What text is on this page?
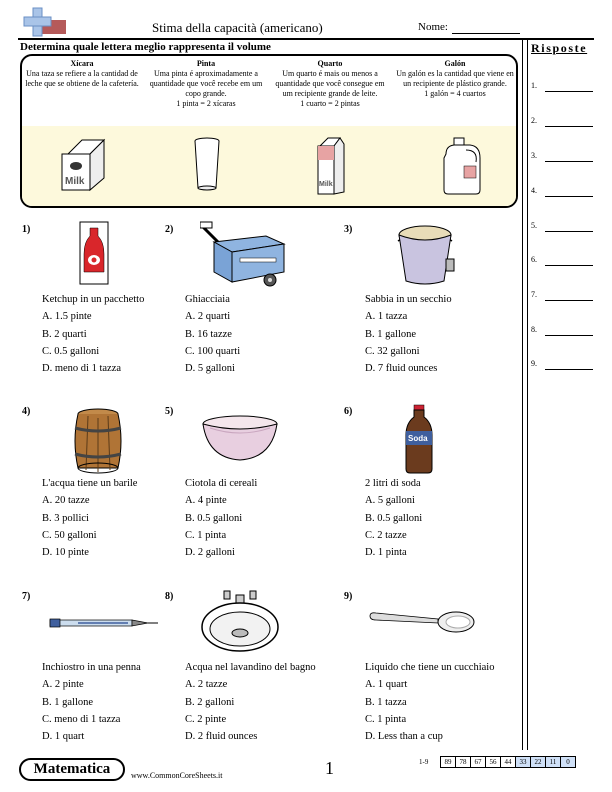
Stima della capacità (americano)	Nome:
Determina quale lettera meglio rappresenta il volume	Risposte
Xícara
Una taza se refiere a la cantidad de leche que se obtiene de la cafetería.
Pinta
Uma pinta é aproximadamente a quantidade que você recebe em um copo grande.
1 pinta = 2 xícaras
Quarto
Um quarto é mais ou menos a quantidade que você consegue em um recipiente grande de leite.
1 cuarto = 2 pintas
Galón
Un galón es la cantidad que viene en un recipiente de plástico grande.
1 galón = 4 cuartos
Milk	Milk
1)
Ketchup in un pacchetto
A. 1.5 pinte
B. 2 quarti
C. 0.5 galloni
D. meno di 1 tazza
2)
Ghiacciaia
A. 2 quarti
B. 16 tazze
C. 100 quarti
D. 5 galloni
3)
Sabbia in un secchio
A. 1 tazza
B. 1 gallone
C. 32 galloni
D. 7 fluid ounces
4)
L'acqua tiene un barile
A. 20 tazze
B. 3 pollici
C. 50 galloni
D. 10 pinte
5)
Ciotola di cereali
A. 4 pinte
B. 0.5 galloni
C. 1 pinta
D. 2 galloni
6)
Soda
2 litri di soda
A. 5 galloni
B. 0.5 galloni
C. 2 tazze
D. 1 pinta
7)
Inchiostro in una penna
A. 2 pinte
B. 1 gallone
C. meno di 1 tazza
D. 1 quart
8)
Acqua nel lavandino del bagno
A. 2 tazze
B. 2 galloni
C. 2 pinte
D. 2 fluid ounces
9)
Liquido che tiene un cucchiaio
A. 1 quart
B. 1 tazza
C. 1 pinta
D. Less than a cup
1.
2.
3.
4.
5.
6.
7.
8.
9.
Matematica	www.CommonCoreSheets.it	1	1-9	89	78	67	56	44	33	22	11	0
